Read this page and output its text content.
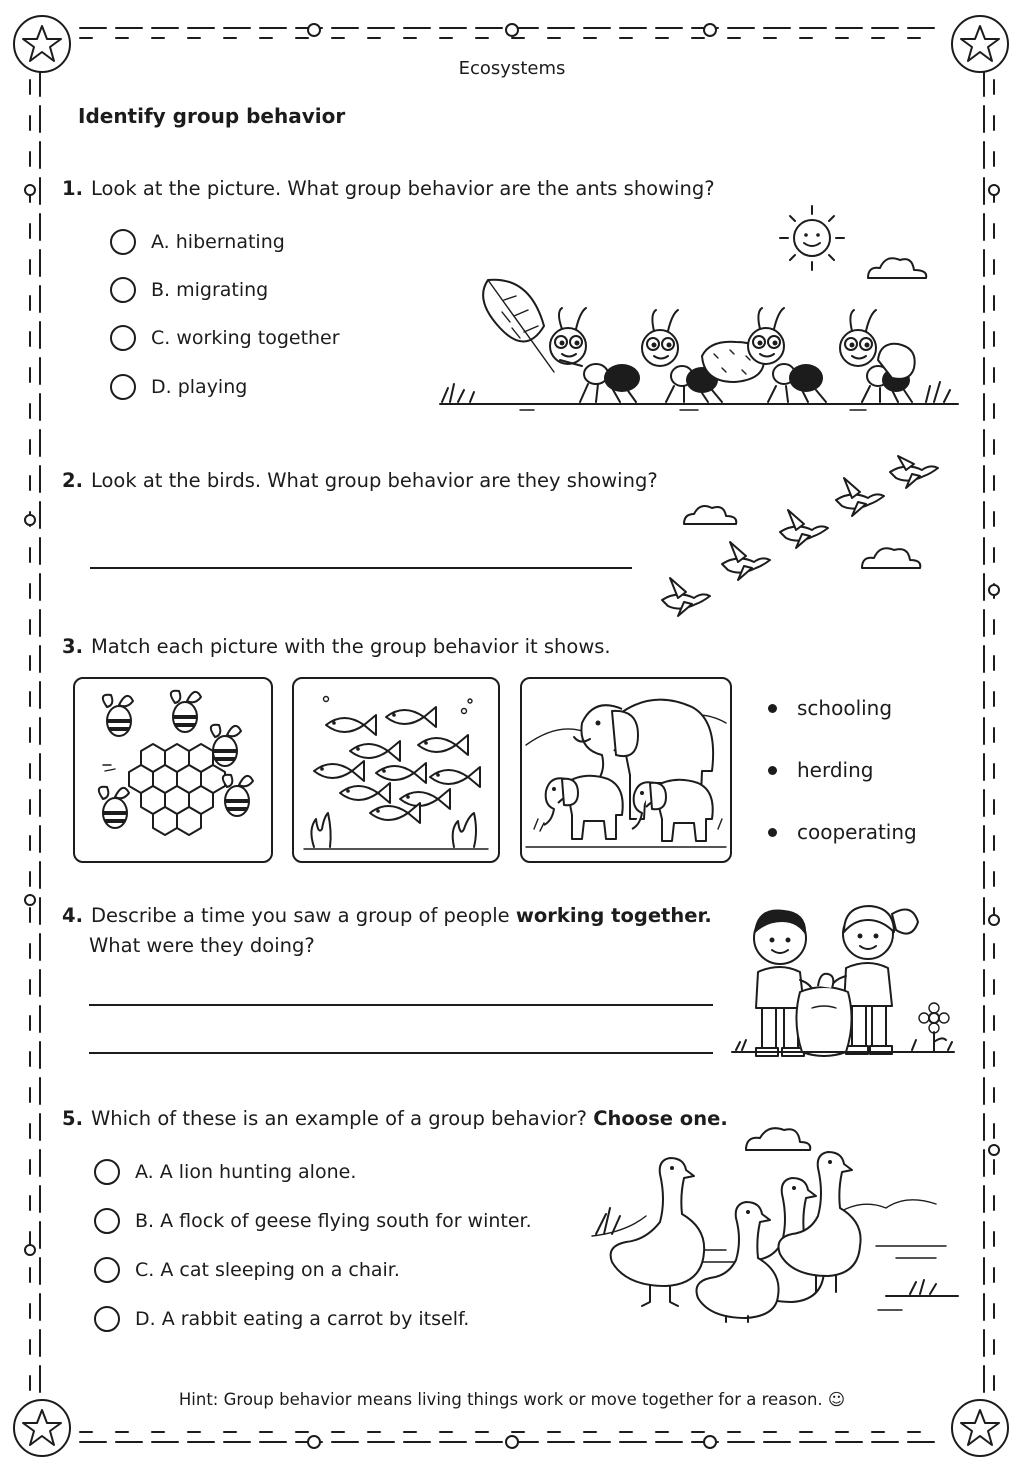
Ecosystems
Identify group behavior
1. Look at the picture. What group behavior are the ants showing?
A. hibernating
B. migrating
C. working together
D. playing
2. Look at the birds. What group behavior are they showing?
3. Match each picture with the group behavior it shows.
schooling
herding
cooperating
4. Describe a time you saw a group of people working together.
What were they doing?
5. Which of these is an example of a group behavior? Choose one.
A. A lion hunting alone.
B. A flock of geese flying south for winter.
C. A cat sleeping on a chair.
D. A rabbit eating a carrot by itself.
Hint: Group behavior means living things work or move together for a reason. ☺
